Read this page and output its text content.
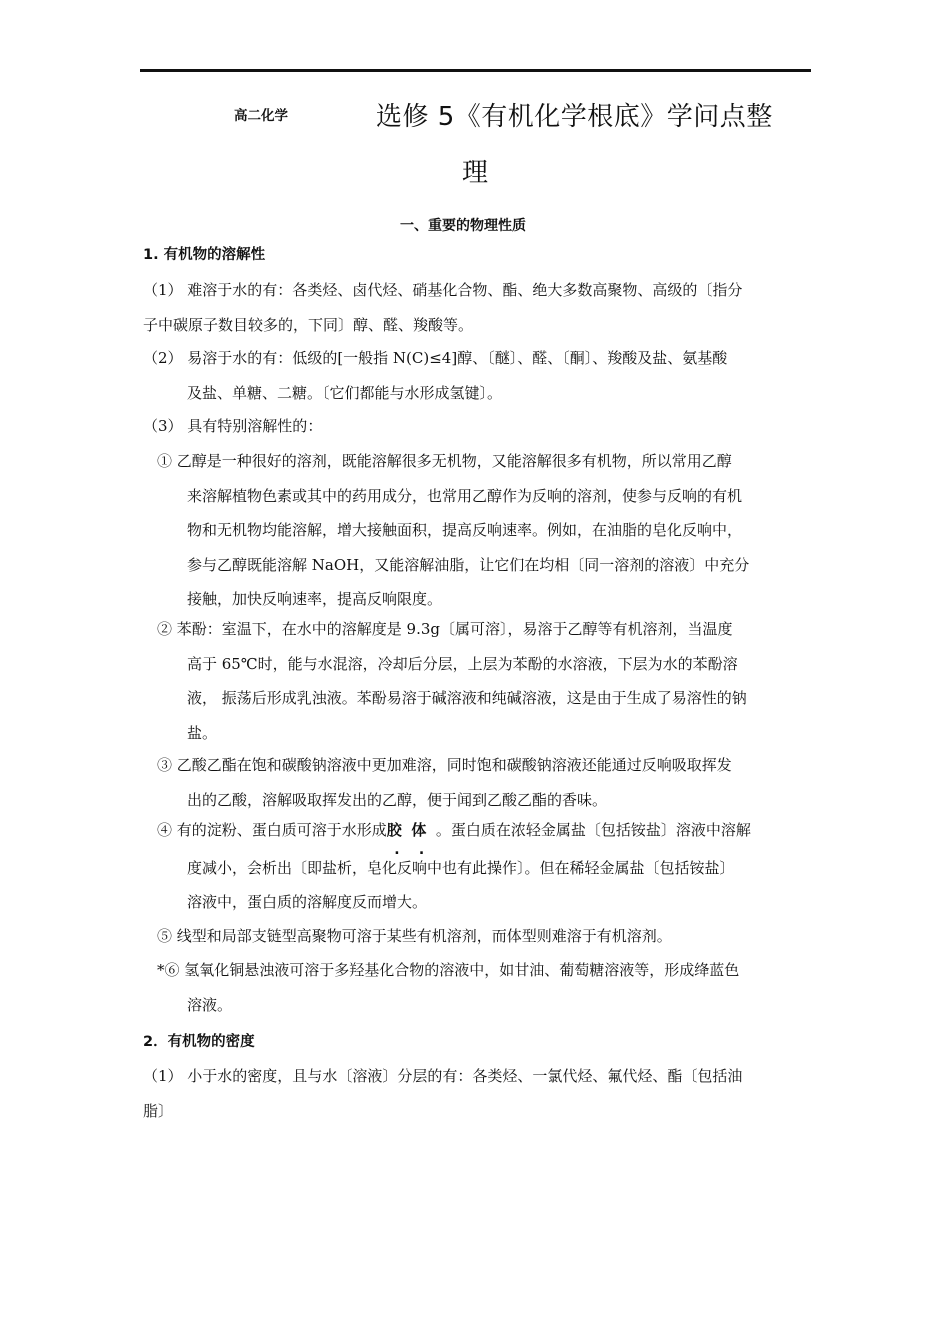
高二化学	选修 5《有机化学根底》学问点整
理
一、重要的物理性质
1. 有机物的溶解性
（1） 难溶于水的有：各类烃、卤代烃、硝基化合物、酯、绝大多数高聚物、高级的〔指分
子中碳原子数目较多的，下同〕醇、醛、羧酸等。
（2） 易溶于水的有：低级的[一般指 N(C)≤4]醇、〔醚〕、醛、〔酮〕、羧酸及盐、氨基酸
及盐、单糖、二糖。〔它们都能与水形成氢键〕。
（3） 具有特别溶解性的：
① 乙醇是一种很好的溶剂，既能溶解很多无机物，又能溶解很多有机物，所以常用乙醇
来溶解植物色素或其中的药用成分，也常用乙醇作为反响的溶剂，使参与反响的有机
物和无机物均能溶解，增大接触面积，提高反响速率。例如，在油脂的皂化反响中，
参与乙醇既能溶解 NaOH，又能溶解油脂，让它们在均相〔同一溶剂的溶液〕中充分
接触，加快反响速率，提高反响限度。
② 苯酚：室温下，在水中的溶解度是 9.3g〔属可溶〕，易溶于乙醇等有机溶剂，当温度
高于 65℃时，能与水混溶，冷却后分层，上层为苯酚的水溶液，下层为水的苯酚溶
液， 振荡后形成乳浊液。苯酚易溶于碱溶液和纯碱溶液，这是由于生成了易溶性的钠
盐。
③ 乙酸乙酯在饱和碳酸钠溶液中更加难溶，同时饱和碳酸钠溶液还能通过反响吸取挥发
出的乙酸，溶解吸取挥发出的乙醇，便于闻到乙酸乙酯的香味。
④ 有的淀粉、蛋白质可溶于水形成胶 体 。蛋白质在浓轻金属盐〔包括铵盐〕溶液中溶解
度减小，会析出〔即盐析，皂化反响中也有此操作〕。但在稀轻金属盐〔包括铵盐〕
溶液中，蛋白质的溶解度反而增大。
⑤ 线型和局部支链型高聚物可溶于某些有机溶剂，而体型则难溶于有机溶剂。
*⑥ 氢氧化铜悬浊液可溶于多羟基化合物的溶液中，如甘油、葡萄糖溶液等，形成绛蓝色
溶液。
2．有机物的密度
（1） 小于水的密度，且与水〔溶液〕分层的有：各类烃、一氯代烃、氟代烃、酯〔包括油
脂〕
